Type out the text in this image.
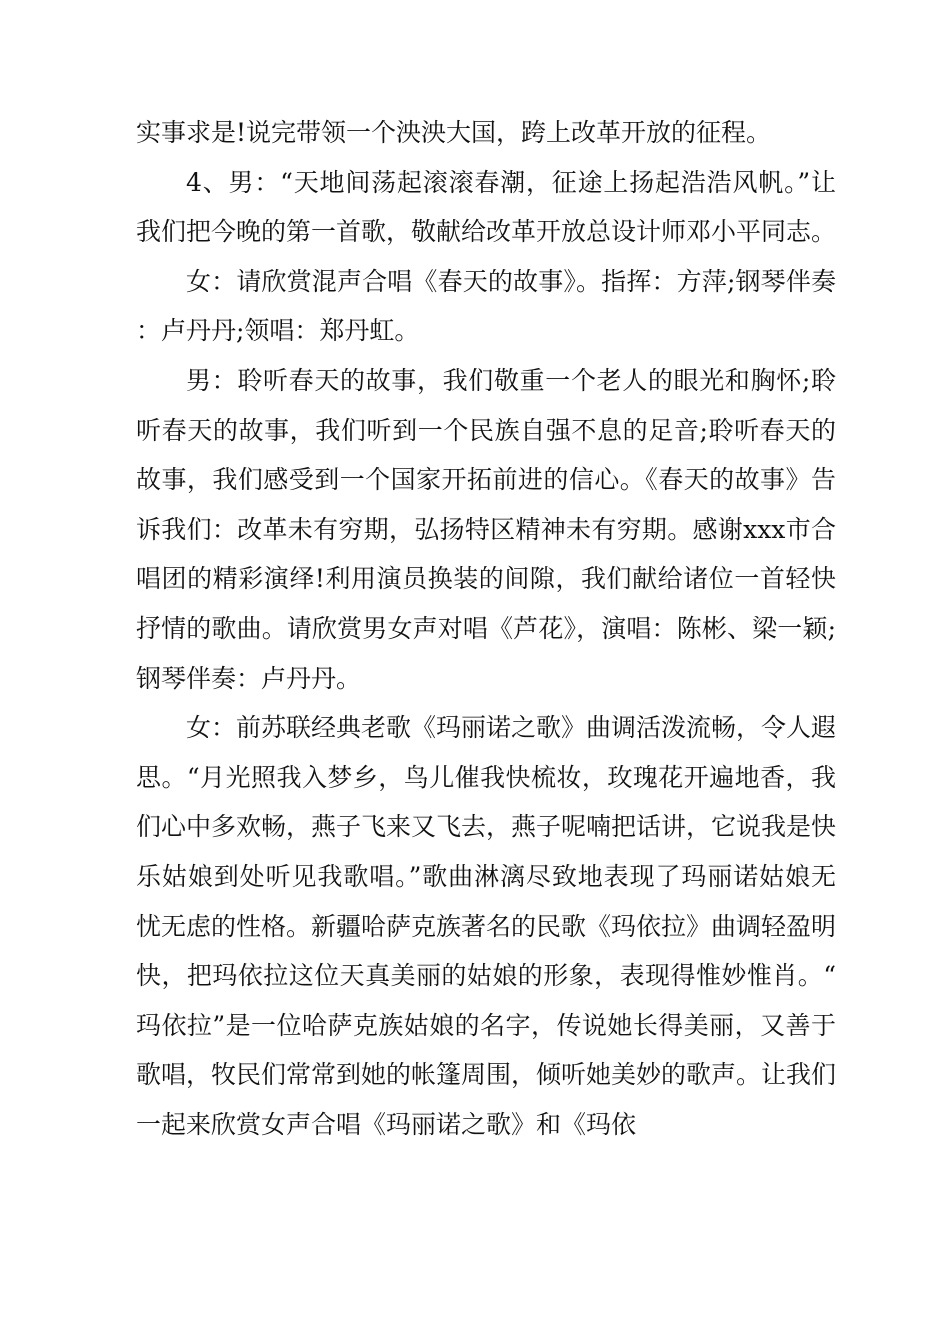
实事求是!说完带领一个泱泱大国，跨上改革开放的征程。

4、男：“天地间荡起滚滚春潮，征途上扬起浩浩风帆。”让我们把今晚的第一首歌，敬献给改革开放总设计师邓小平同志。

女：请欣赏混声合唱《春天的故事》。指挥：方萍;钢琴伴奏：卢丹丹;领唱：郑丹虹。

男：聆听春天的故事，我们敬重一个老人的眼光和胸怀;聆听春天的故事，我们听到一个民族自强不息的足音;聆听春天的故事，我们感受到一个国家开拓前进的信心。《春天的故事》告诉我们：改革未有穷期，弘扬特区精神未有穷期。感谢xxx市合唱团的精彩演绎!利用演员换装的间隙，我们献给诸位一首轻快抒情的歌曲。请欣赏男女声对唱《芦花》，演唱：陈彬、梁一颖;钢琴伴奏：卢丹丹。

女：前苏联经典老歌《玛丽诺之歌》曲调活泼流畅，令人遐思。“月光照我入梦乡，鸟儿催我快梳妆，玫瑰花开遍地香，我们心中多欢畅，燕子飞来又飞去，燕子呢喃把话讲，它说我是快乐姑娘到处听见我歌唱。”歌曲淋漓尽致地表现了玛丽诺姑娘无忧无虑的性格。新疆哈萨克族著名的民歌《玛依拉》曲调轻盈明快，把玛依拉这位天真美丽的姑娘的形象，表现得惟妙惟肖。“玛依拉”是一位哈萨克族姑娘的名字，传说她长得美丽，又善于歌唱，牧民们常常到她的帐篷周围，倾听她美妙的歌声。让我们一起来欣赏女声合唱《玛丽诺之歌》和《玛依
